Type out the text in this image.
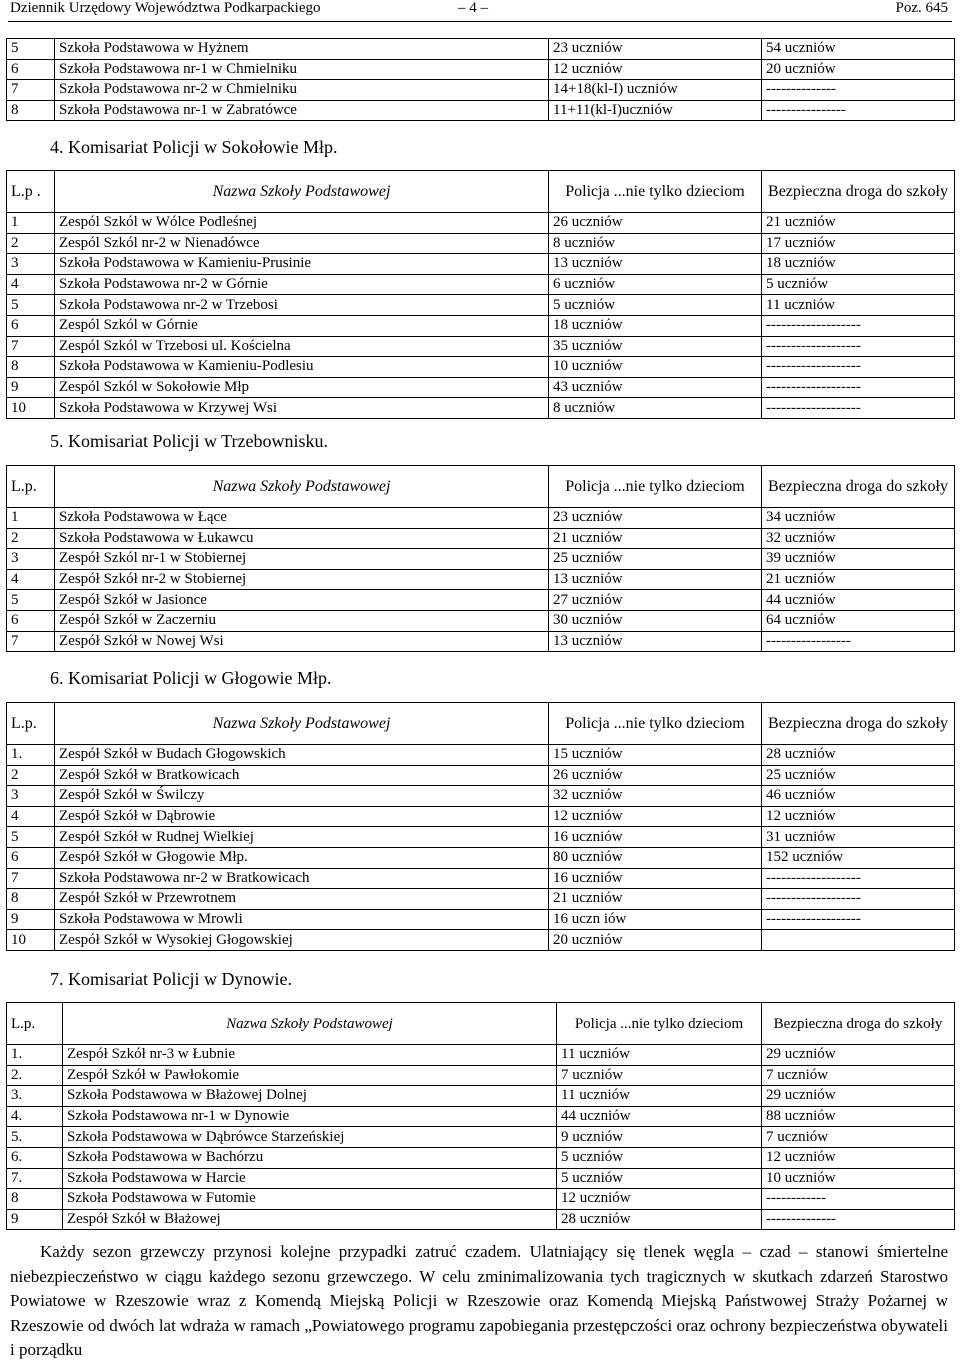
Dziennik Urzędowy Województwa Podkarpackiego	– 4 –	Poz. 645
5	Szkoła Podstawowa w Hyżnem	23 uczniów	54 uczniów
6	Szkoła Podstawowa nr-1 w Chmielniku	12 uczniów	20 uczniów
7	Szkoła Podstawowa nr-2 w Chmielniku	14+18(kl-I) uczniów	--------------
8	Szkoła Podstawowa nr-1 w Zabratówce	11+11(kl-I)uczniów	----------------
4. Komisariat Policji w Sokołowie Młp.
L.p .	Nazwa Szkoły Podstawowej	Policja ...nie tylko dzieciom	Bezpieczna droga do szkoły
1	Zespól Szkól w Wólce Podleśnej	26 uczniów	21 uczniów
2	Zespól Szkól nr-2 w Nienadówce	8 uczniów	17 uczniów
3	Szkoła Podstawowa w Kamieniu-Prusinie	13 uczniów	18 uczniów
4	Szkoła Podstawowa nr-2 w Górnie	6 uczniów	5 uczniów
5	Szkoła Podstawowa nr-2 w Trzebosi	5 uczniów	11 uczniów
6	Zespól Szkól w Górnie	18 uczniów	-------------------
7	Zespól Szkól w Trzebosi ul. Kościelna	35 uczniów	-------------------
8	Szkoła Podstawowa w Kamieniu-Podlesiu	10 uczniów	-------------------
9	Zespól Szkól w Sokołowie Młp	43 uczniów	-------------------
10	Szkoła Podstawowa w Krzywej Wsi	8 uczniów	-------------------
5. Komisariat Policji w Trzebownisku.
L.p.	Nazwa Szkoły Podstawowej	Policja ...nie tylko dzieciom	Bezpieczna droga do szkoły
1	Szkoła Podstawowa w Łące	23 uczniów	34 uczniów
2	Szkoła Podstawowa w Łukawcu	21 uczniów	32 uczniów
3	Zespół Szkól nr-1 w Stobiernej	25 uczniów	39 uczniów
4	Zespół Szkół nr-2 w Stobiernej	13 uczniów	21 uczniów
5	Zespół Szkół w Jasionce	27 uczniów	44 uczniów
6	Zespół Szkół w Zaczerniu	30 uczniów	64 uczniów
7	Zespół Szkół w Nowej Wsi	13 uczniów	-----------------
6. Komisariat Policji w Głogowie Młp.
L.p.	Nazwa Szkoły Podstawowej	Policja ...nie tylko dzieciom	Bezpieczna droga do szkoły
1.	Zespół Szkół w Budach Głogowskich	15 uczniów	28 uczniów
2	Zespół Szkół w Bratkowicach	26 uczniów	25 uczniów
3	Zespół Szkół w Świlczy	32 uczniów	46 uczniów
4	Zespół Szkół w Dąbrowie	12 uczniów	12 uczniów
5	Zespół Szkół w Rudnej Wielkiej	16 uczniów	31 uczniów
6	Zespół Szkół w Głogowie Młp.	80 uczniów	152 uczniów
7	Szkoła Podstawowa nr-2 w Bratkowicach	16 uczniów	-------------------
8	Zespół Szkół w Przewrotnem	21 uczniów	-------------------
9	Szkoła Podstawowa w Mrowli	16 uczn iów	-------------------
10	Zespół Szkół w Wysokiej Głogowskiej	20 uczniów	
7. Komisariat Policji w Dynowie.
L.p.	Nazwa Szkoły Podstawowej	Policja ...nie tylko dzieciom	Bezpieczna droga do szkoły
1.	Zespół Szkół nr-3 w Łubnie	11 uczniów	29 uczniów
2.	Zespół Szkół w Pawłokomie	7 uczniów	7 uczniów
3.	Szkoła Podstawowa w Błażowej Dolnej	11 uczniów	29 uczniów
4.	Szkoła Podstawowa nr-1 w Dynowie	44 uczniów	88 uczniów
5.	Szkoła Podstawowa w Dąbrówce Starzeńskiej	9 uczniów	7 uczniów
6.	Szkoła Podstawowa w Bachórzu	5 uczniów	12 uczniów
7.	Szkoła Podstawowa w Harcie	5 uczniów	10 uczniów
8	Szkoła Podstawowa w Futomie	12 uczniów	------------
9	Zespół Szkół w Błażowej	28 uczniów	--------------

Każdy sezon grzewczy przynosi kolejne przypadki zatruć czadem. Ulatniający się tlenek węgla – czad – stanowi śmiertelne niebezpieczeństwo w ciągu każdego sezonu grzewczego. W celu zminimalizowania tych tragicznych w skutkach zdarzeń Starostwo Powiatowe w Rzeszowie wraz z Komendą Miejską Policji w Rzeszowie oraz Komendą Miejską Państwowej Straży Pożarnej w Rzeszowie od dwóch lat wdraża w ramach „Powiatowego programu zapobiegania przestępczości oraz ochrony bezpieczeństwa obywateli i porządku
